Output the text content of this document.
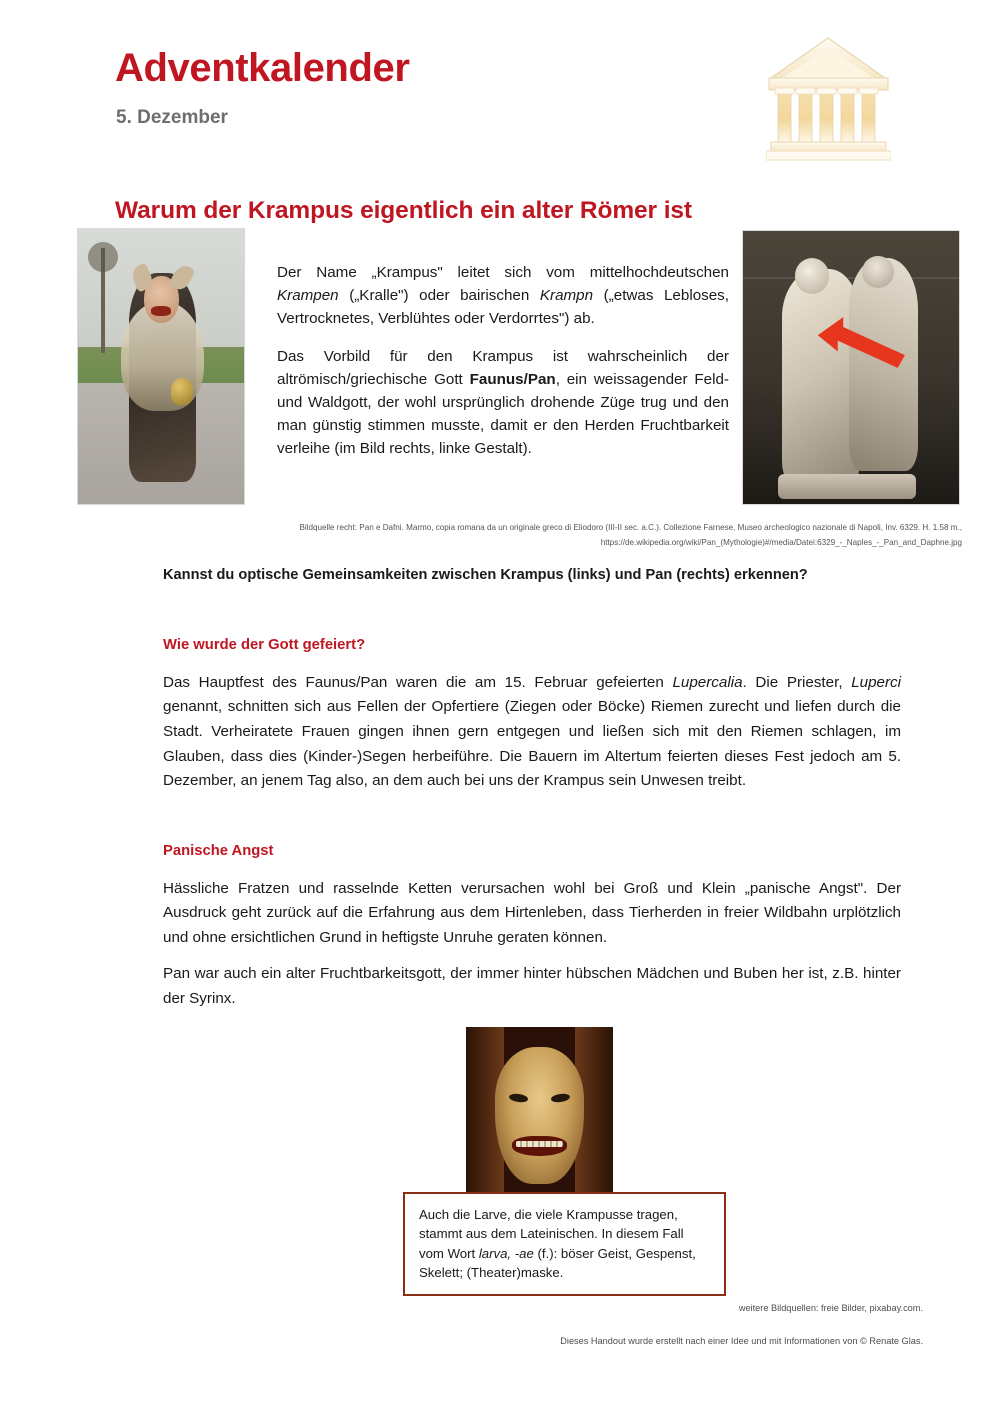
Adventkalender
5. Dezember
Warum der Krampus eigentlich ein alter Römer ist

Der Name „Krampus" leitet sich vom mittelhochdeutschen Krampen („Kralle") oder bairischen Krampn („etwas Lebloses, Vertrocknetes, Verblühtes oder Verdorrtes") ab.

Das Vorbild für den Krampus ist wahrscheinlich der altrömisch/griechische Gott Faunus/Pan, ein weissagender Feld- und Waldgott, der wohl ursprünglich drohende Züge trug und den man günstig stimmen musste, damit er den Herden Fruchtbarkeit verleihe (im Bild rechts, linke Gestalt).

Bildquelle recht: Pan e Dafni. Marmo, copia romana da un originale greco di Eliodoro (III-II sec. a.C.). Collezione Farnese, Museo archeologico nazionale di Napoli, Inv. 6329. H. 1.58 m.,
https://de.wikipedia.org/wiki/Pan_(Mythologie)#/media/Datei:6329_-_Naples_-_Pan_and_Daphne.jpg
Kannst du optische Gemeinsamkeiten zwischen Krampus (links) und Pan (rechts) erkennen?
Wie wurde der Gott gefeiert?

Das Hauptfest des Faunus/Pan waren die am 15. Februar gefeierten Lupercalia. Die Priester, Luperci genannt, schnitten sich aus Fellen der Opfertiere (Ziegen oder Böcke) Riemen zurecht und liefen durch die Stadt. Verheiratete Frauen gingen ihnen gern entgegen und ließen sich mit den Riemen schlagen, im Glauben, dass dies (Kinder-)Segen herbeiführe. Die Bauern im Altertum feierten dieses Fest jedoch am 5. Dezember, an jenem Tag also, an dem auch bei uns der Krampus sein Unwesen treibt.

Panische Angst

Hässliche Fratzen und rasselnde Ketten verursachen wohl bei Groß und Klein „panische Angst". Der Ausdruck geht zurück auf die Erfahrung aus dem Hirtenleben, dass Tierherden in freier Wildbahn urplötzlich und ohne ersichtlichen Grund in heftigste Unruhe geraten können.

Pan war auch ein alter Fruchtbarkeitsgott, der immer hinter hübschen Mädchen und Buben her ist, z.B. hinter der Syrinx.

Auch die Larve, die viele Krampusse tragen, stammt aus dem Lateinischen. In diesem Fall vom Wort larva, -ae (f.): böser Geist, Gespenst, Skelett; (Theater)maske.

weitere Bildquellen: freie Bilder, pixabay.com.
Dieses Handout wurde erstellt nach einer Idee und mit Informationen von © Renate Glas.
